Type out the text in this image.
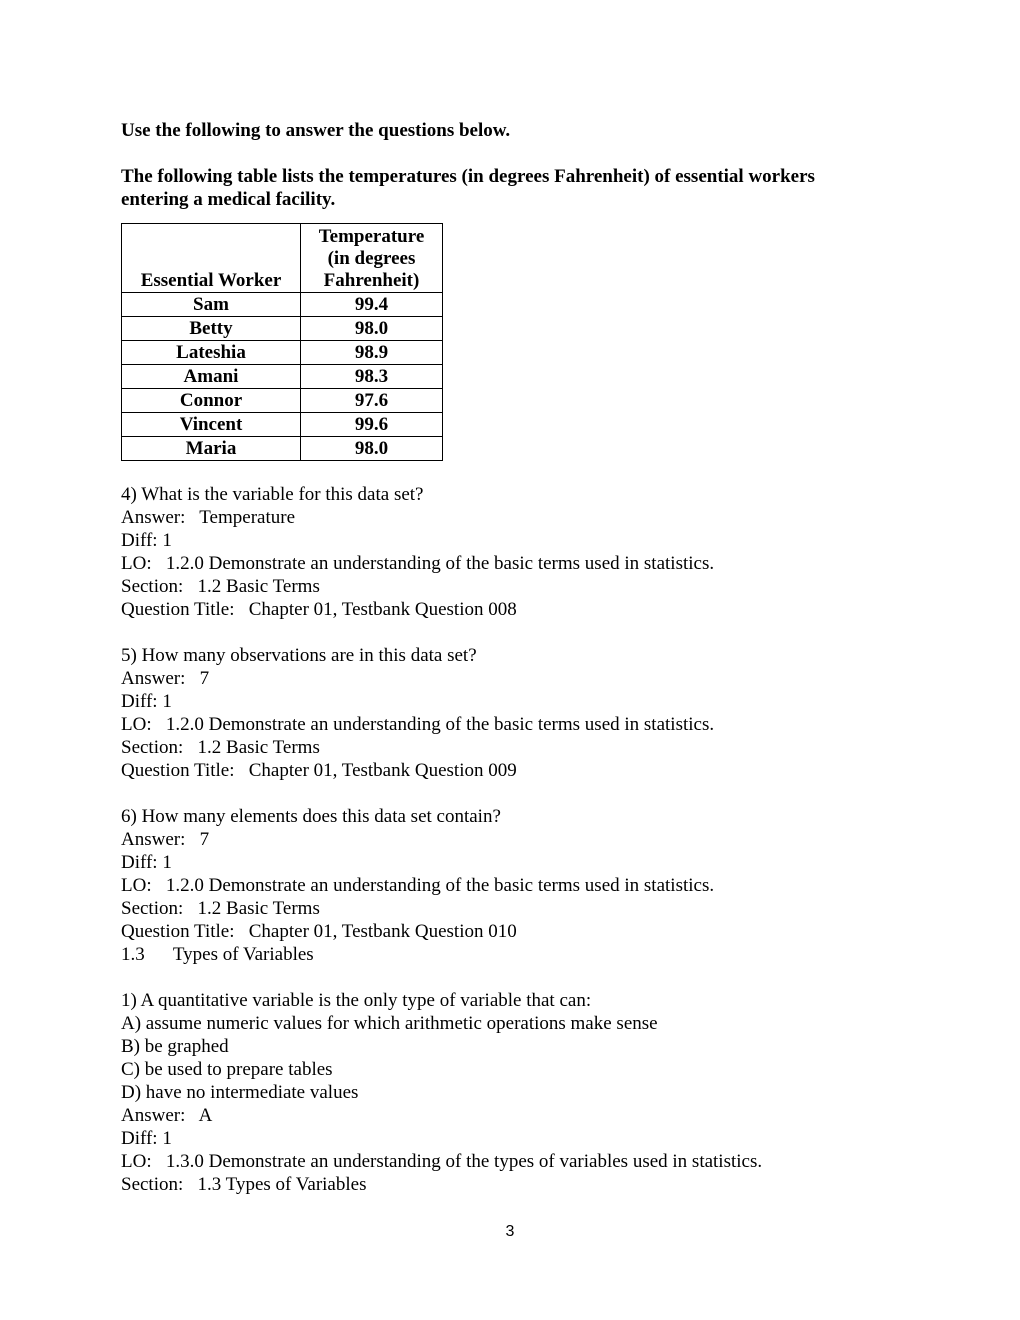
Use the following to answer the questions below.

The following table lists the temperatures (in degrees Fahrenheit) of essential workers entering a medical facility.

Essential Worker	Temperature
(in degrees
Fahrenheit)

Sam	99.4
Betty	98.0
Lateshia	98.9
Amani	98.3
Connor	97.6
Vincent	99.6
Maria	98.0

4) What is the variable for this data set?

Answer:   Temperature

Diff: 1

LO:   1.2.0 Demonstrate an understanding of the basic terms used in statistics.

Section:   1.2 Basic Terms

Question Title:   Chapter 01, Testbank Question 008

5) How many observations are in this data set?

Answer:   7

Diff: 1

LO:   1.2.0 Demonstrate an understanding of the basic terms used in statistics.

Section:   1.2 Basic Terms

Question Title:   Chapter 01, Testbank Question 009

6) How many elements does this data set contain?

Answer:   7

Diff: 1

LO:   1.2.0 Demonstrate an understanding of the basic terms used in statistics.

Section:   1.2 Basic Terms

Question Title:   Chapter 01, Testbank Question 010

1.3      Types of Variables

1) A quantitative variable is the only type of variable that can:

A) assume numeric values for which arithmetic operations make sense

B) be graphed

C) be used to prepare tables

D) have no intermediate values

Answer:   A

Diff: 1

LO:   1.3.0 Demonstrate an understanding of the types of variables used in statistics.

Section:   1.3 Types of Variables

3
